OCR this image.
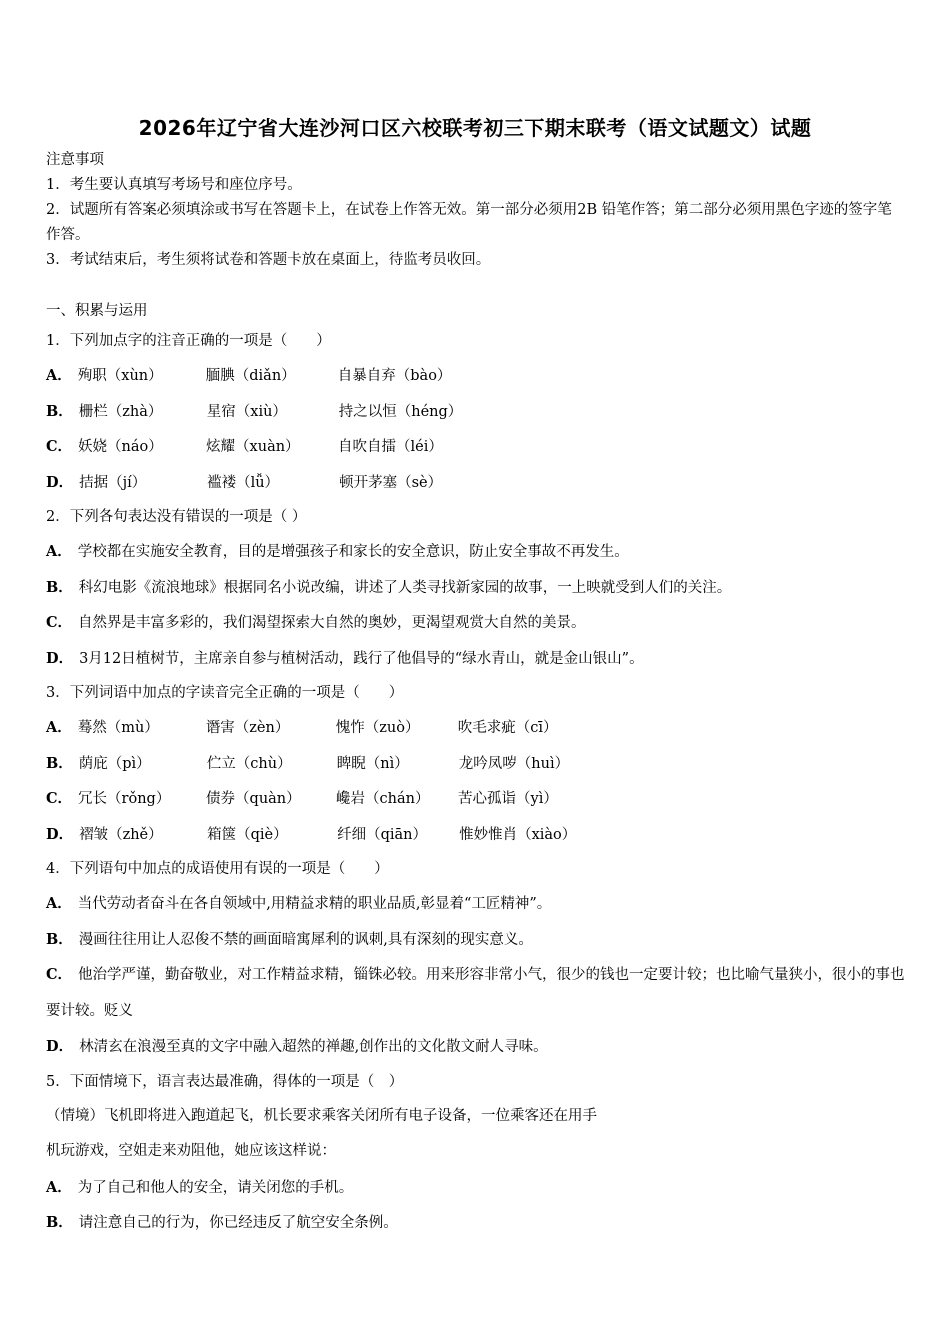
2026年辽宁省大连沙河口区六校联考初三下期末联考（语文试题文）试题

注意事项

1．考生要认真填写考场号和座位序号。

2．试题所有答案必须填涂或书写在答题卡上，在试卷上作答无效。第一部分必须用2B 铅笔作答；第二部分必须用黑色字迹的签字笔作答。

3．考试结束后，考生须将试卷和答题卡放在桌面上，待监考员收回。

一、积累与运用
1．下列加点字的注音正确的一项是（　　）
A． 殉职（xùn）	腼腆（diǎn）	自暴自弃（bào）
B． 栅栏（zhà）	星宿（xiù）	持之以恒（héng）
C． 妖娆（náo）	炫耀（xuàn）	自吹自擂（léi）
D． 拮据（jí）	褴褛（lǚ）	顿开茅塞（sè）
2．下列各句表达没有错误的一项是（ ）
A． 学校都在实施安全教育，目的是增强孩子和家长的安全意识，防止安全事故不再发生。
B． 科幻电影《流浪地球》根据同名小说改编，讲述了人类寻找新家园的故事，一上映就受到人们的关注。
C． 自然界是丰富多彩的，我们渴望探索大自然的奥妙，更渴望观赏大自然的美景。
D． 3月12日植树节，主席亲自参与植树活动，践行了他倡导的“绿水青山，就是金山银山”。
3．下列词语中加点的字读音完全正确的一项是（　　）
A． 蓦然（mù）	谮害（zèn）	愧怍（zuò）	吹毛求疵（cī）
B． 荫庇（pì）	伫立（chù）	睥睨（nì）	龙吟凤哕（huì）
C． 冗长（rǒng） 债券（quàn） 巉岩（chán） 苦心孤诣（yì）
D． 褶皱（zhě）	箱箧（qiè）	纤细（qiān） 惟妙惟肖（xiào）
4．下列语句中加点的成语使用有误的一项是（　　）
A． 当代劳动者奋斗在各自领域中,用精益求精的职业品质,彰显着“工匠精神”。
B． 漫画往往用让人忍俊不禁的画面暗寓犀利的讽刺,具有深刻的现实意义。
C． 他治学严谨，勤奋敬业，对工作精益求精，锱铢必较。用来形容非常小气，很少的钱也一定要计较；也比喻气量狭小，很小的事也要计较。贬义
D． 林清玄在浪漫至真的文字中融入超然的禅趣,创作出的文化散文耐人寻味。
5．下面情境下，语言表达最准确，得体的一项是（　）
（情境）飞机即将进入跑道起飞，机长要求乘客关闭所有电子设备，一位乘客还在用手
机玩游戏，空姐走来劝阻他，她应该这样说：
A． 为了自己和他人的安全，请关闭您的手机。
B． 请注意自己的行为，你已经违反了航空安全条例。
